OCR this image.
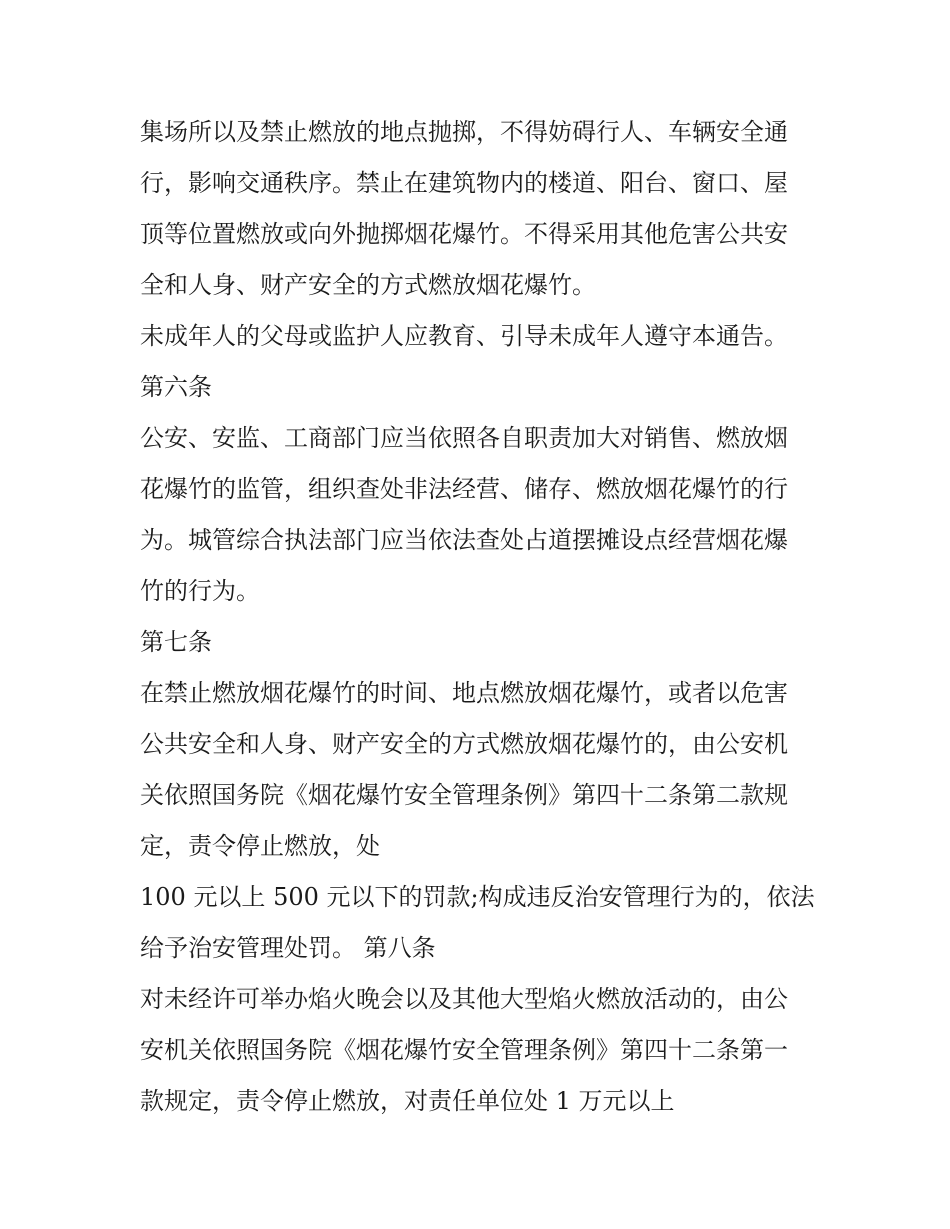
集场所以及禁止燃放的地点抛掷，不得妨碍行人、车辆安全通
行，影响交通秩序。禁止在建筑物内的楼道、阳台、窗口、屋
顶等位置燃放或向外抛掷烟花爆竹。不得采用其他危害公共安
全和人身、财产安全的方式燃放烟花爆竹。
未成年人的父母或监护人应教育、引导未成年人遵守本通告。
第六条
公安、安监、工商部门应当依照各自职责加大对销售、燃放烟
花爆竹的监管，组织查处非法经营、储存、燃放烟花爆竹的行
为。城管综合执法部门应当依法查处占道摆摊设点经营烟花爆
竹的行为。
第七条
在禁止燃放烟花爆竹的时间、地点燃放烟花爆竹，或者以危害
公共安全和人身、财产安全的方式燃放烟花爆竹的，由公安机
关依照国务院《烟花爆竹安全管理条例》第四十二条第二款规
定，责令停止燃放，处
100 元以上 500 元以下的罚款;构成违反治安管理行为的，依法
给予治安管理处罚。 第八条
对未经许可举办焰火晚会以及其他大型焰火燃放活动的，由公
安机关依照国务院《烟花爆竹安全管理条例》第四十二条第一
款规定，责令停止燃放，对责任单位处 1 万元以上
